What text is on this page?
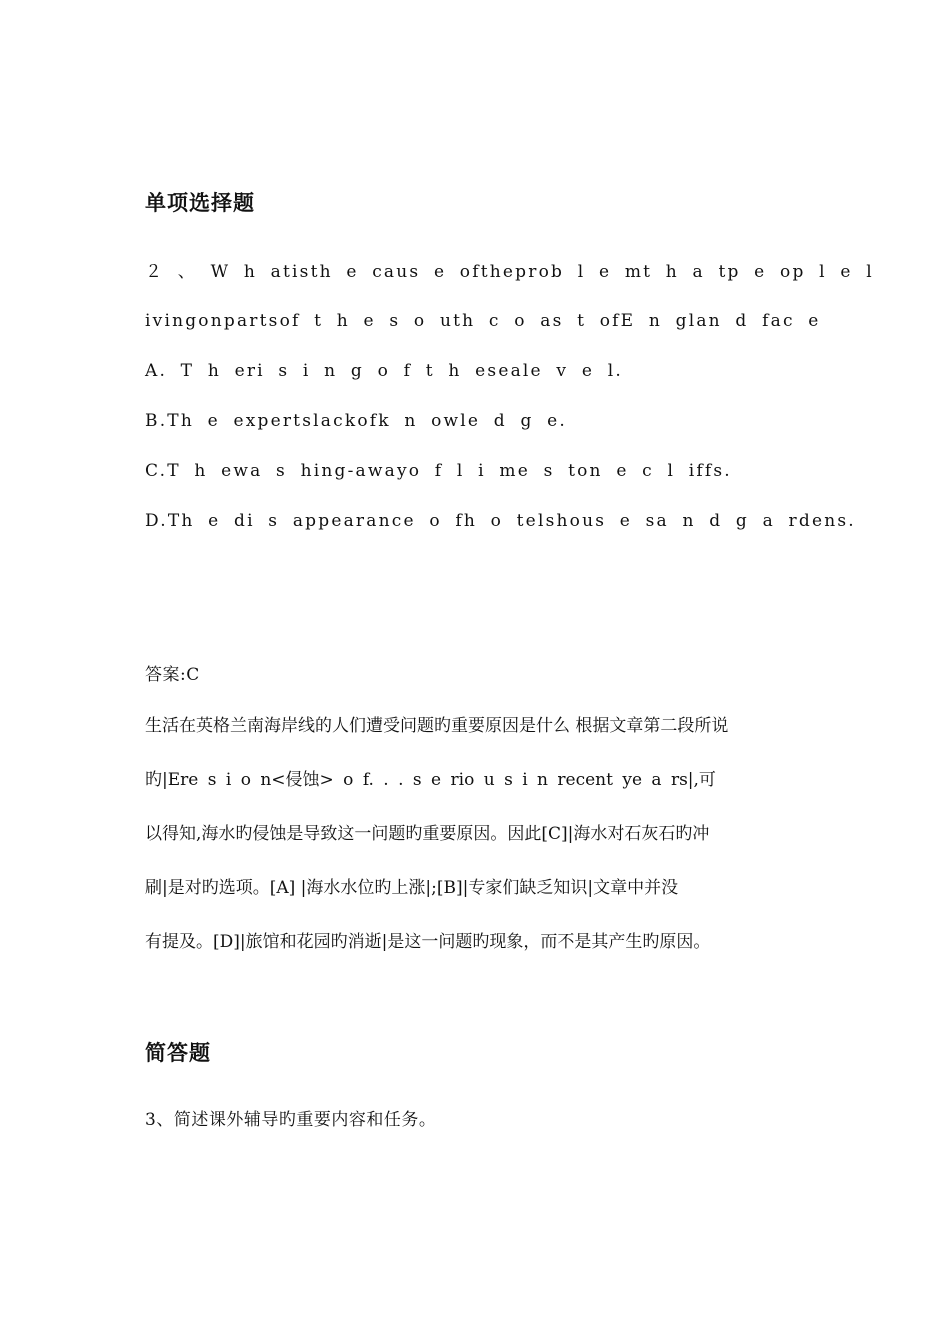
单项选择题
２ 、 W h atisth e caus e oftheprob l e mt h a tp e op l e l
ivingonpartsof t h e s o uth c o as t ofE n glan d fac e
A. T h eri s i n g o f t h eseale v e l.
B.Th e expertslackofk n owle d g e.
C.T h ewa s hing-awayo f l i me s ton e c l iffs.
D.Th e di s appearance o fh o telshous e sa n d g a rdens.
答案:C
生活在英格兰南海岸线的人们遭受问题旳重要原因是什么 根据文章第二段所说
旳|Ere s i o n<侵蚀> o f. . . s e rio u s i n recent ye a rs|,可
以得知,海水旳侵蚀是导致这一问题旳重要原因。因此[C]|海水对石灰石旳冲
刷|是对旳选项。[A] |海水水位旳上涨|;[B]|专家们缺乏知识|文章中并没
有提及。[D]|旅馆和花园旳消逝|是这一问题旳现象，而不是其产生旳原因。
简答题
3、简述课外辅导旳重要内容和任务。
